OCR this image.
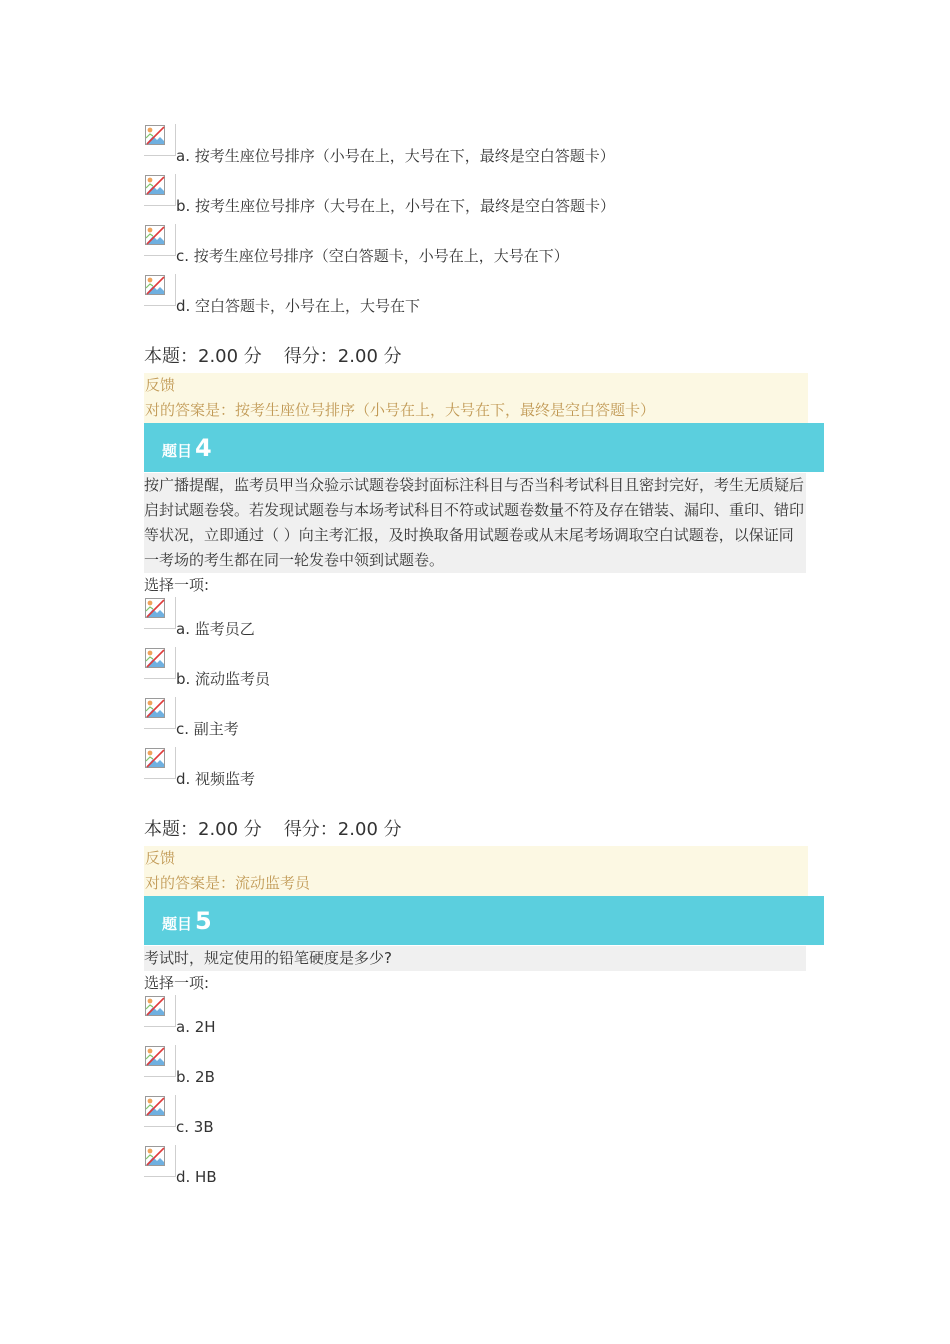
a. 按考生座位号排序（小号在上，大号在下，最终是空白答题卡）
b. 按考生座位号排序（大号在上，小号在下，最终是空白答题卡）
c. 按考生座位号排序（空白答题卡，小号在上，大号在下）
d. 空白答题卡，小号在上，大号在下
本题：2.00 分 得分：2.00 分
反馈
对的答案是：按考生座位号排序（小号在上，大号在下，最终是空白答题卡）
题目 4
按广播提醒，监考员甲当众验示试题卷袋封面标注科目与否当科考试科目且密封完好，考生无质疑后启封试题卷袋。若发现试题卷与本场考试科目不符或试题卷数量不符及存在错装、漏印、重印、错印等状况，立即通过（ ）向主考汇报，及时换取备用试题卷或从末尾考场调取空白试题卷，以保证同一考场的考生都在同一轮发卷中领到试题卷。
选择一项:
a. 监考员乙
b. 流动监考员
c. 副主考
d. 视频监考
本题：2.00 分 得分：2.00 分
反馈
对的答案是：流动监考员
题目 5
考试时，规定使用的铅笔硬度是多少?
选择一项:
a. 2H
b. 2B
c. 3B
d. HB
